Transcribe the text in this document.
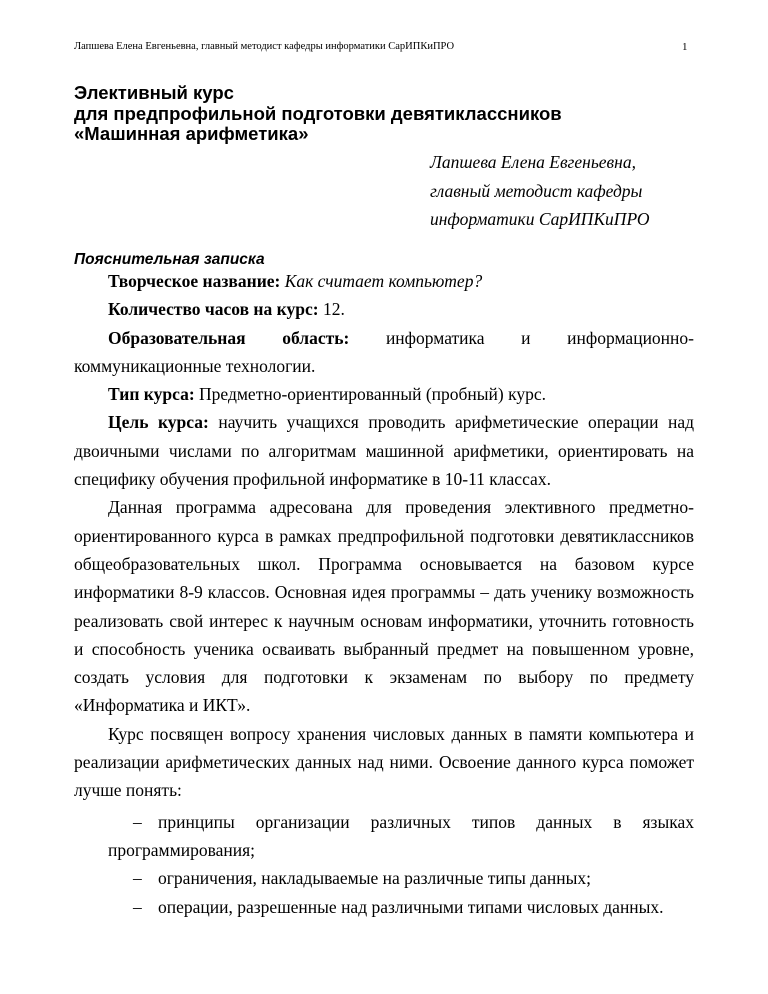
Лапшева Елена Евгеньевна, главный методист кафедры информатики СарИПКиПРО	1
Элективный курс
для предпрофильной подготовки девятиклассников
«Машинная арифметика»
Лапшева Елена Евгеньевна,
главный методист кафедры
информатики СарИПКиПРО
Пояснительная записка

Творческое название: Как считает компьютер?

Количество часов на курс: 12.

Образовательная область: информатика и информационно-

коммуникационные технологии.

Тип курса: Предметно-ориентированный (пробный) курс.

Цель курса: научить учащихся проводить арифметические операции над двоичными числами по алгоритмам машинной арифметики, ориентировать на специфику обучения профильной информатике в 10-11 классах.

Данная программа адресована для проведения элективного предметно-ориентированного курса в рамках предпрофильной подготовки девятиклассников общеобразовательных школ. Программа основывается на базовом курсе информатики 8-9 классов. Основная идея программы – дать ученику возможность реализовать свой интерес к научным основам информатики, уточнить готовность и способность ученика осваивать выбранный предмет на повышенном уровне, создать условия для подготовки к экзаменам по выбору по предмету «Информатика и ИКТ».

Курс посвящен вопросу хранения числовых данных в памяти компьютера и реализации арифметических данных над ними. Освоение данного курса поможет лучше понять:

– принципы организации различных типов данных в языках программирования;
– ограничения, накладываемые на различные типы данных;
– операции, разрешенные над различными типами числовых данных.
